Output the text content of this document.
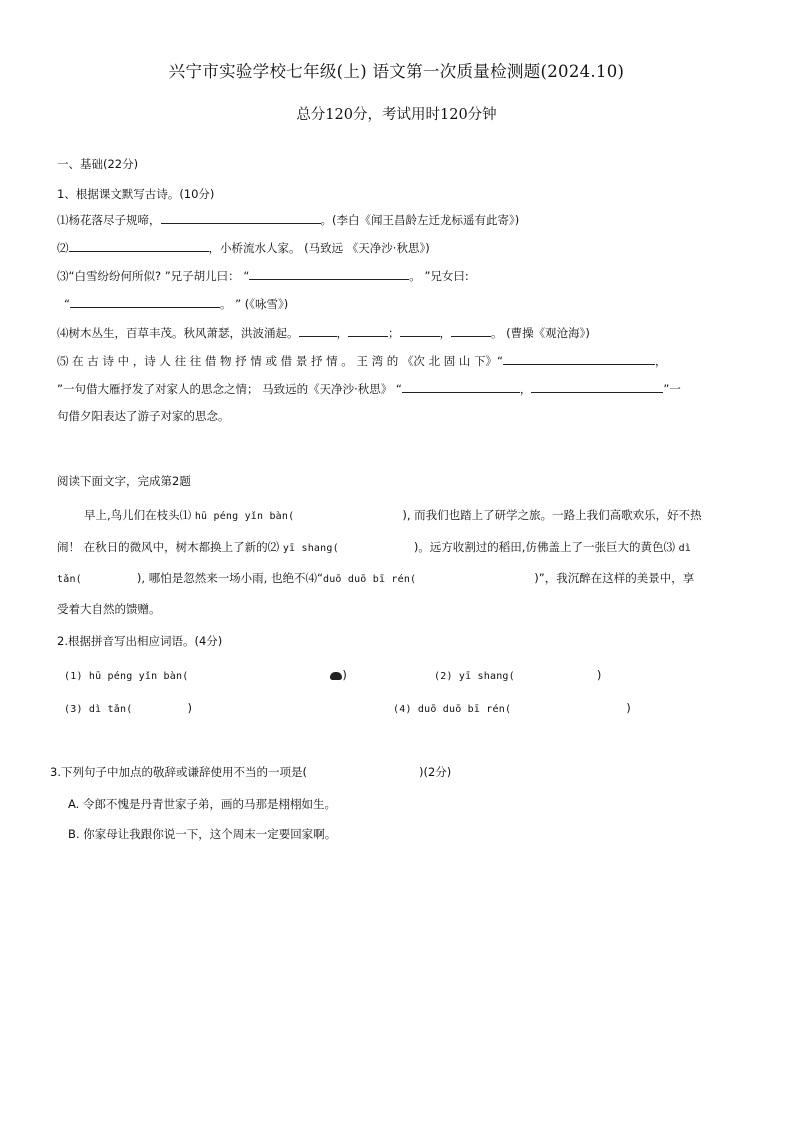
兴宁市实验学校七年级(上) 语文第一次质量检测题(2024.10)
总分120分，考试用时120分钟
一、基础(22分)
1、根据课文默写古诗。(10分)
⑴杨花落尽子规啼，	。(李白《闻王昌龄左迁龙标遥有此寄》)
⑵	，小桥流水人家。 (马致远 《天净沙·秋思》)
⑶“白雪纷纷何所似? ”兄子胡儿曰： “	。 ”兄女曰:
“	。 ” (《咏雪》)
⑷树木丛生，百草丰茂。秋风萧瑟，洪波涌起。	，	；	，	。 (曹操《观沧海》)
⑸ 在 古 诗 中 ，诗 人 往 往 借 物 抒 情 或 借 景 抒 情 。 王 湾 的 《次 北 固 山 下》“	，
”一句借大雁抒发了对家人的思念之情； 马致远的《天净沙·秋思》 “	，	”一
句借夕阳表达了游子对家的思念。
阅读下面文字，完成第2题
早上,鸟儿们在枝头⑴ hū péng yǐn bàn(	), 而我们也踏上了研学之旅。一路上我们高歌欢乐，好不热
闹！ 在秋日的微风中，树木都换上了新的⑵ yī shang(	)。远方收割过的稻田,仿佛盖上了一张巨大的黄色⑶ dì
tǎn(	), 哪怕是忽然来一场小雨, 也绝不⑷“duō duō bī rén(	)”，我沉醉在这样的美景中，享
受着大自然的馈赠。
2.根据拼音写出相应词语。(4分)
(1) hū péng yǐn bàn(	)	(2) yī shang(	)
(3) dì tǎn(	)	(4) duō duō bī rén(	)
3.下列句子中加点的敬辞或谦辞使用不当的一项是(	)(2分)
A. 令郎不愧是丹青世家子弟，画的马那是栩栩如生。
B. 你家母让我跟你说一下，这个周末一定要回家啊。
